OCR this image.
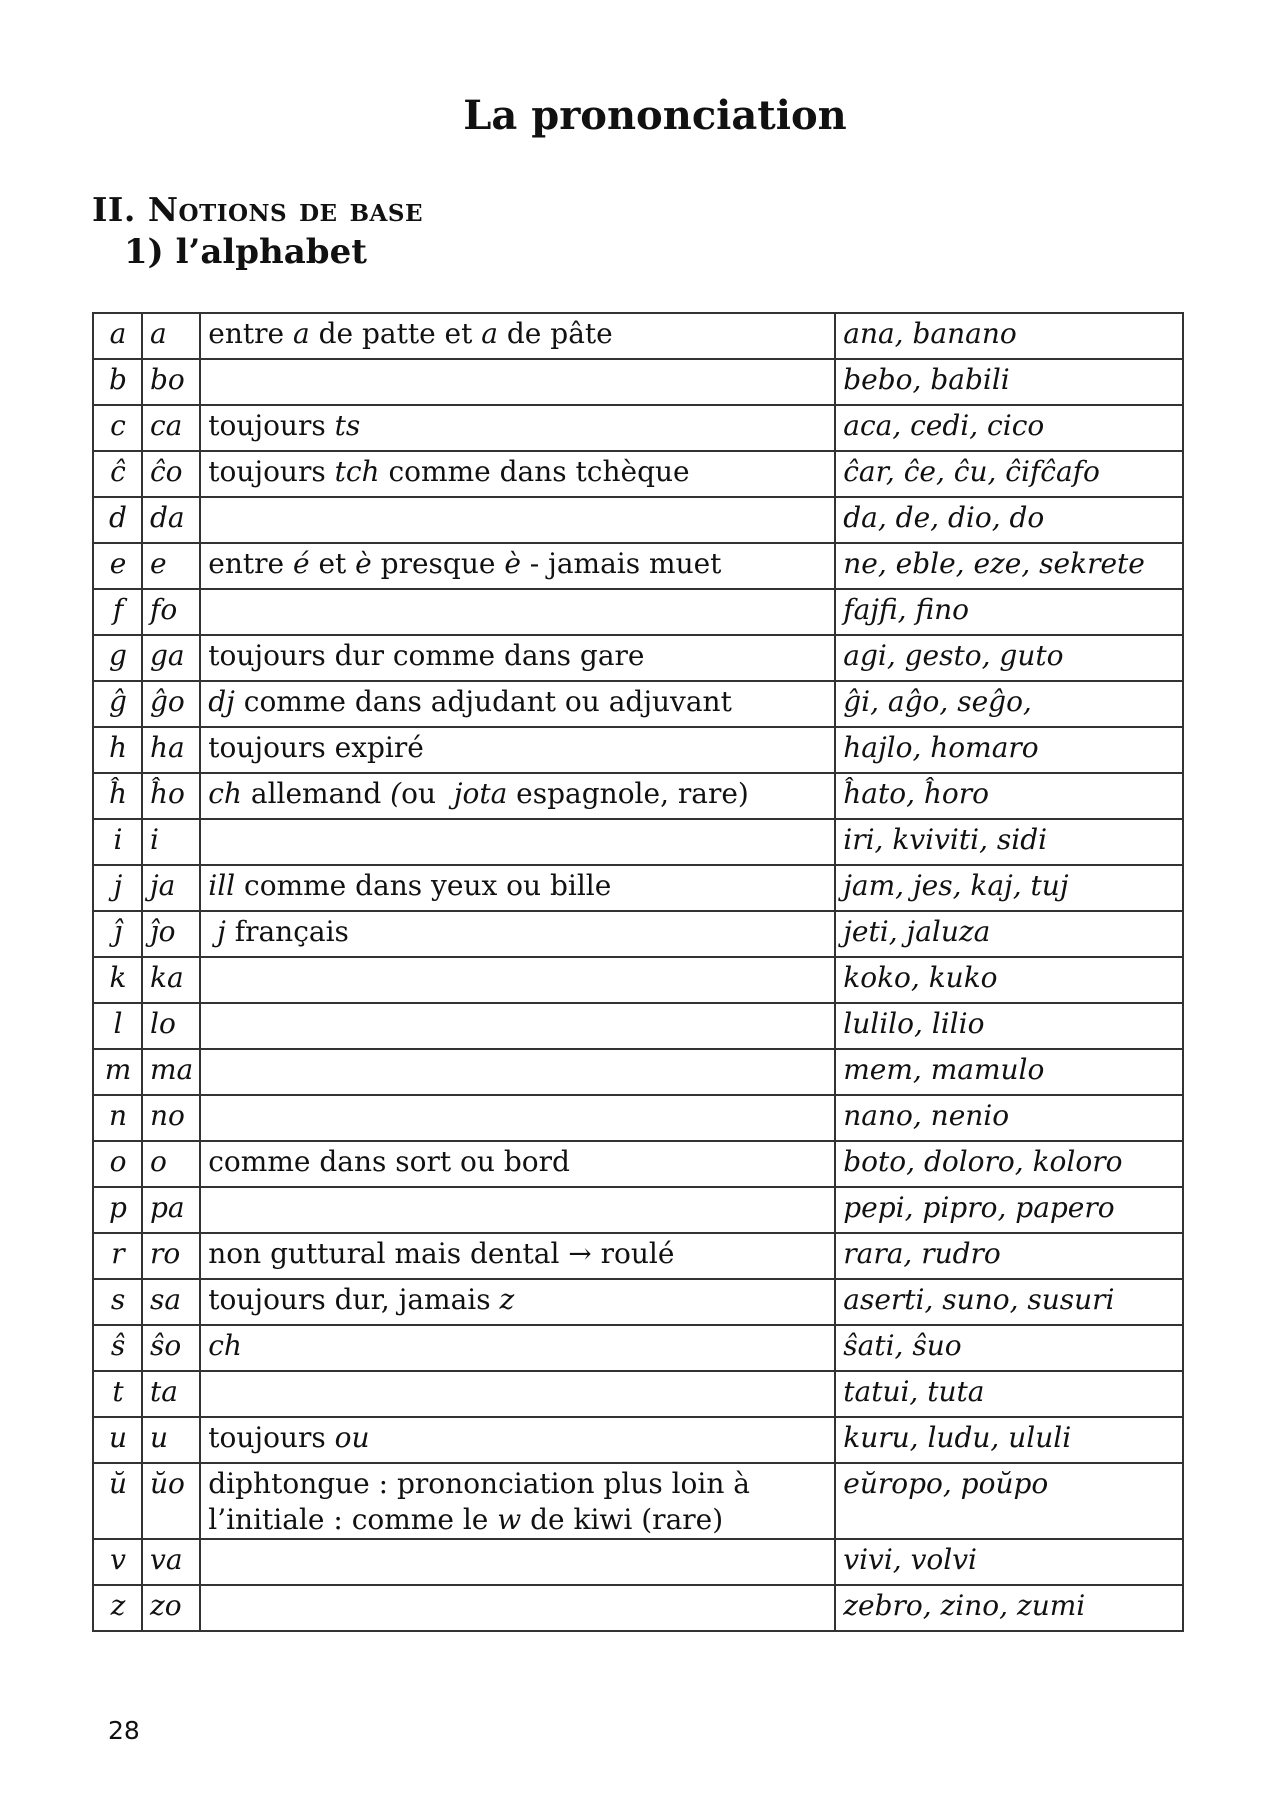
La prononciation
II. Notions de base
1) l’alphabet
a	a	entre a de patte et a de pâte	ana, banano
b	bo		bebo, babili
c	ca	toujours ts	aca, cedi, cico
ĉ	ĉo	toujours tch comme dans tchèque	ĉar, ĉe, ĉu, ĉifĉafo
d	da		da, de, dio, do
e	e	entre é et è presque è - jamais muet	ne, eble, eze, sekrete
f	fo		fajfi, fino
g	ga	toujours dur comme dans gare	agi, gesto, guto
ĝ	ĝo	dj comme dans adjudant ou adjuvant	ĝi, aĝo, seĝo,
h	ha	toujours expiré	hajlo, homaro
ĥ	ĥo	ch allemand (ou  jota espagnole, rare)	ĥato, ĥoro
i	i		iri, kviviti, sidi
j	ja	ill comme dans yeux ou bille	jam, jes, kaj, tuj
ĵ	ĵo	j français	jeti, jaluza
k	ka		koko, kuko
l	lo		lulilo, lilio
m	ma		mem, mamulo
n	no		nano, nenio
o	o	comme dans sort ou bord	boto, doloro, koloro
p	pa		pepi, pipro, papero
r	ro	non guttural mais dental → roulé	rara, rudro
s	sa	toujours dur, jamais z	aserti, suno, susuri
ŝ	ŝo	ch	ŝati, ŝuo
t	ta		tatui, tuta
u	u	toujours ou	kuru, ludu, ululi
ŭ	ŭo	diphtongue : prononciation plus loin à l’initiale : comme le w de kiwi (rare)	eŭropo, poŭpo
v	va		vivi, volvi
z	zo		zebro, zino, zumi
28
